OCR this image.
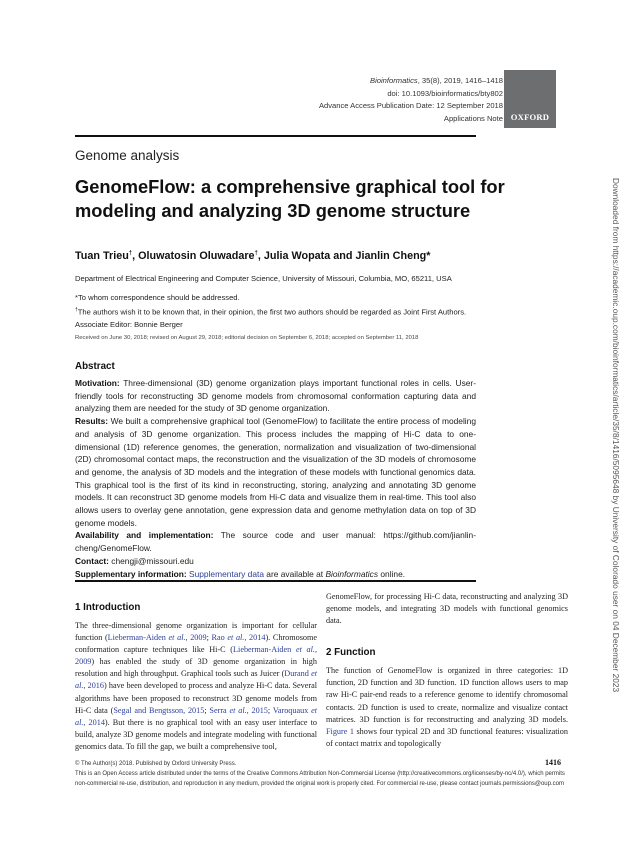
Bioinformatics, 35(8), 2019, 1416–1418
doi: 10.1093/bioinformatics/bty802
Advance Access Publication Date: 12 September 2018
Applications Note OXFORD
Genome analysis
GenomeFlow: a comprehensive graphical tool for modeling and analyzing 3D genome structure
Tuan Trieu†, Oluwatosin Oluwadare†, Julia Wopata and Jianlin Cheng*
Department of Electrical Engineering and Computer Science, University of Missouri, Columbia, MO, 65211, USA
*To whom correspondence should be addressed.
†The authors wish it to be known that, in their opinion, the first two authors should be regarded as Joint First Authors.
Associate Editor: Bonnie Berger
Received on June 30, 2018; revised on August 29, 2018; editorial decision on September 6, 2018; accepted on September 11, 2018
Abstract

Motivation: Three-dimensional (3D) genome organization plays important functional roles in cells. User-friendly tools for reconstructing 3D genome models from chromosomal conformation capturing data and analyzing them are needed for the study of 3D genome organization.

Results: We built a comprehensive graphical tool (GenomeFlow) to facilitate the entire process of modeling and analysis of 3D genome organization. This process includes the mapping of Hi-C data to one-dimensional (1D) reference genomes, the generation, normalization and visualization of two-dimensional (2D) chromosomal contact maps, the reconstruction and the visualization of the 3D models of chromosome and genome, the analysis of 3D models and the integration of these models with functional genomics data. This graphical tool is the first of its kind in reconstructing, storing, analyzing and annotating 3D genome models. It can reconstruct 3D genome models from Hi-C data and visualize them in real-time. This tool also allows users to overlay gene annotation, gene expression data and genome methylation data on top of 3D genome models.

Availability and implementation: The source code and user manual: https://github.com/jianlin-cheng/GenomeFlow.

Contact: chengji@missouri.edu

Supplementary information: Supplementary data are available at Bioinformatics online.

1 Introduction

The three-dimensional genome organization is important for cellular function (Lieberman-Aiden et al., 2009; Rao et al., 2014). Chromosome conformation capture techniques like Hi-C (Lieberman-Aiden et al., 2009) has enabled the study of 3D genome organization in high resolution and high throughput. Graphical tools such as Juicer (Durand et al., 2016) have been developed to process and analyze Hi-C data. Several algorithms have been proposed to reconstruct 3D genome models from Hi-C data (Segal and Bengtsson, 2015; Serra et al., 2015; Varoquaux et al., 2014). But there is no graphical tool with an easy user interface to build, analyze 3D genome models and integrate modeling with functional genomics data. To fill the gap, we built a comprehensive tool,

GenomeFlow, for processing Hi-C data, reconstructing and analyzing 3D genome models, and integrating 3D models with functional genomics data.

2 Function

The function of GenomeFlow is organized in three categories: 1D function, 2D function and 3D function. 1D function allows users to map raw Hi-C pair-end reads to a reference genome to identify chromosomal contacts. 2D function is used to create, normalize and visualize contact matrices. 3D function is for reconstructing and analyzing 3D models. Figure 1 shows four typical 2D and 3D functional features: visualization of contact matrix and topologically

© The Author(s) 2018. Published by Oxford University Press.
This is an Open Access article distributed under the terms of the Creative Commons Attribution Non-Commercial License (http://creativecommons.org/licenses/by-nc/4.0/), which permits non-commercial re-use, distribution, and reproduction in any medium, provided the original work is properly cited. For commercial re-use, please contact journals.permissions@oup.com
1416
Downloaded from https://academic.oup.com/bioinformatics/article/35/8/1416/5095648 by University of Colorado user on 04 December 2023
